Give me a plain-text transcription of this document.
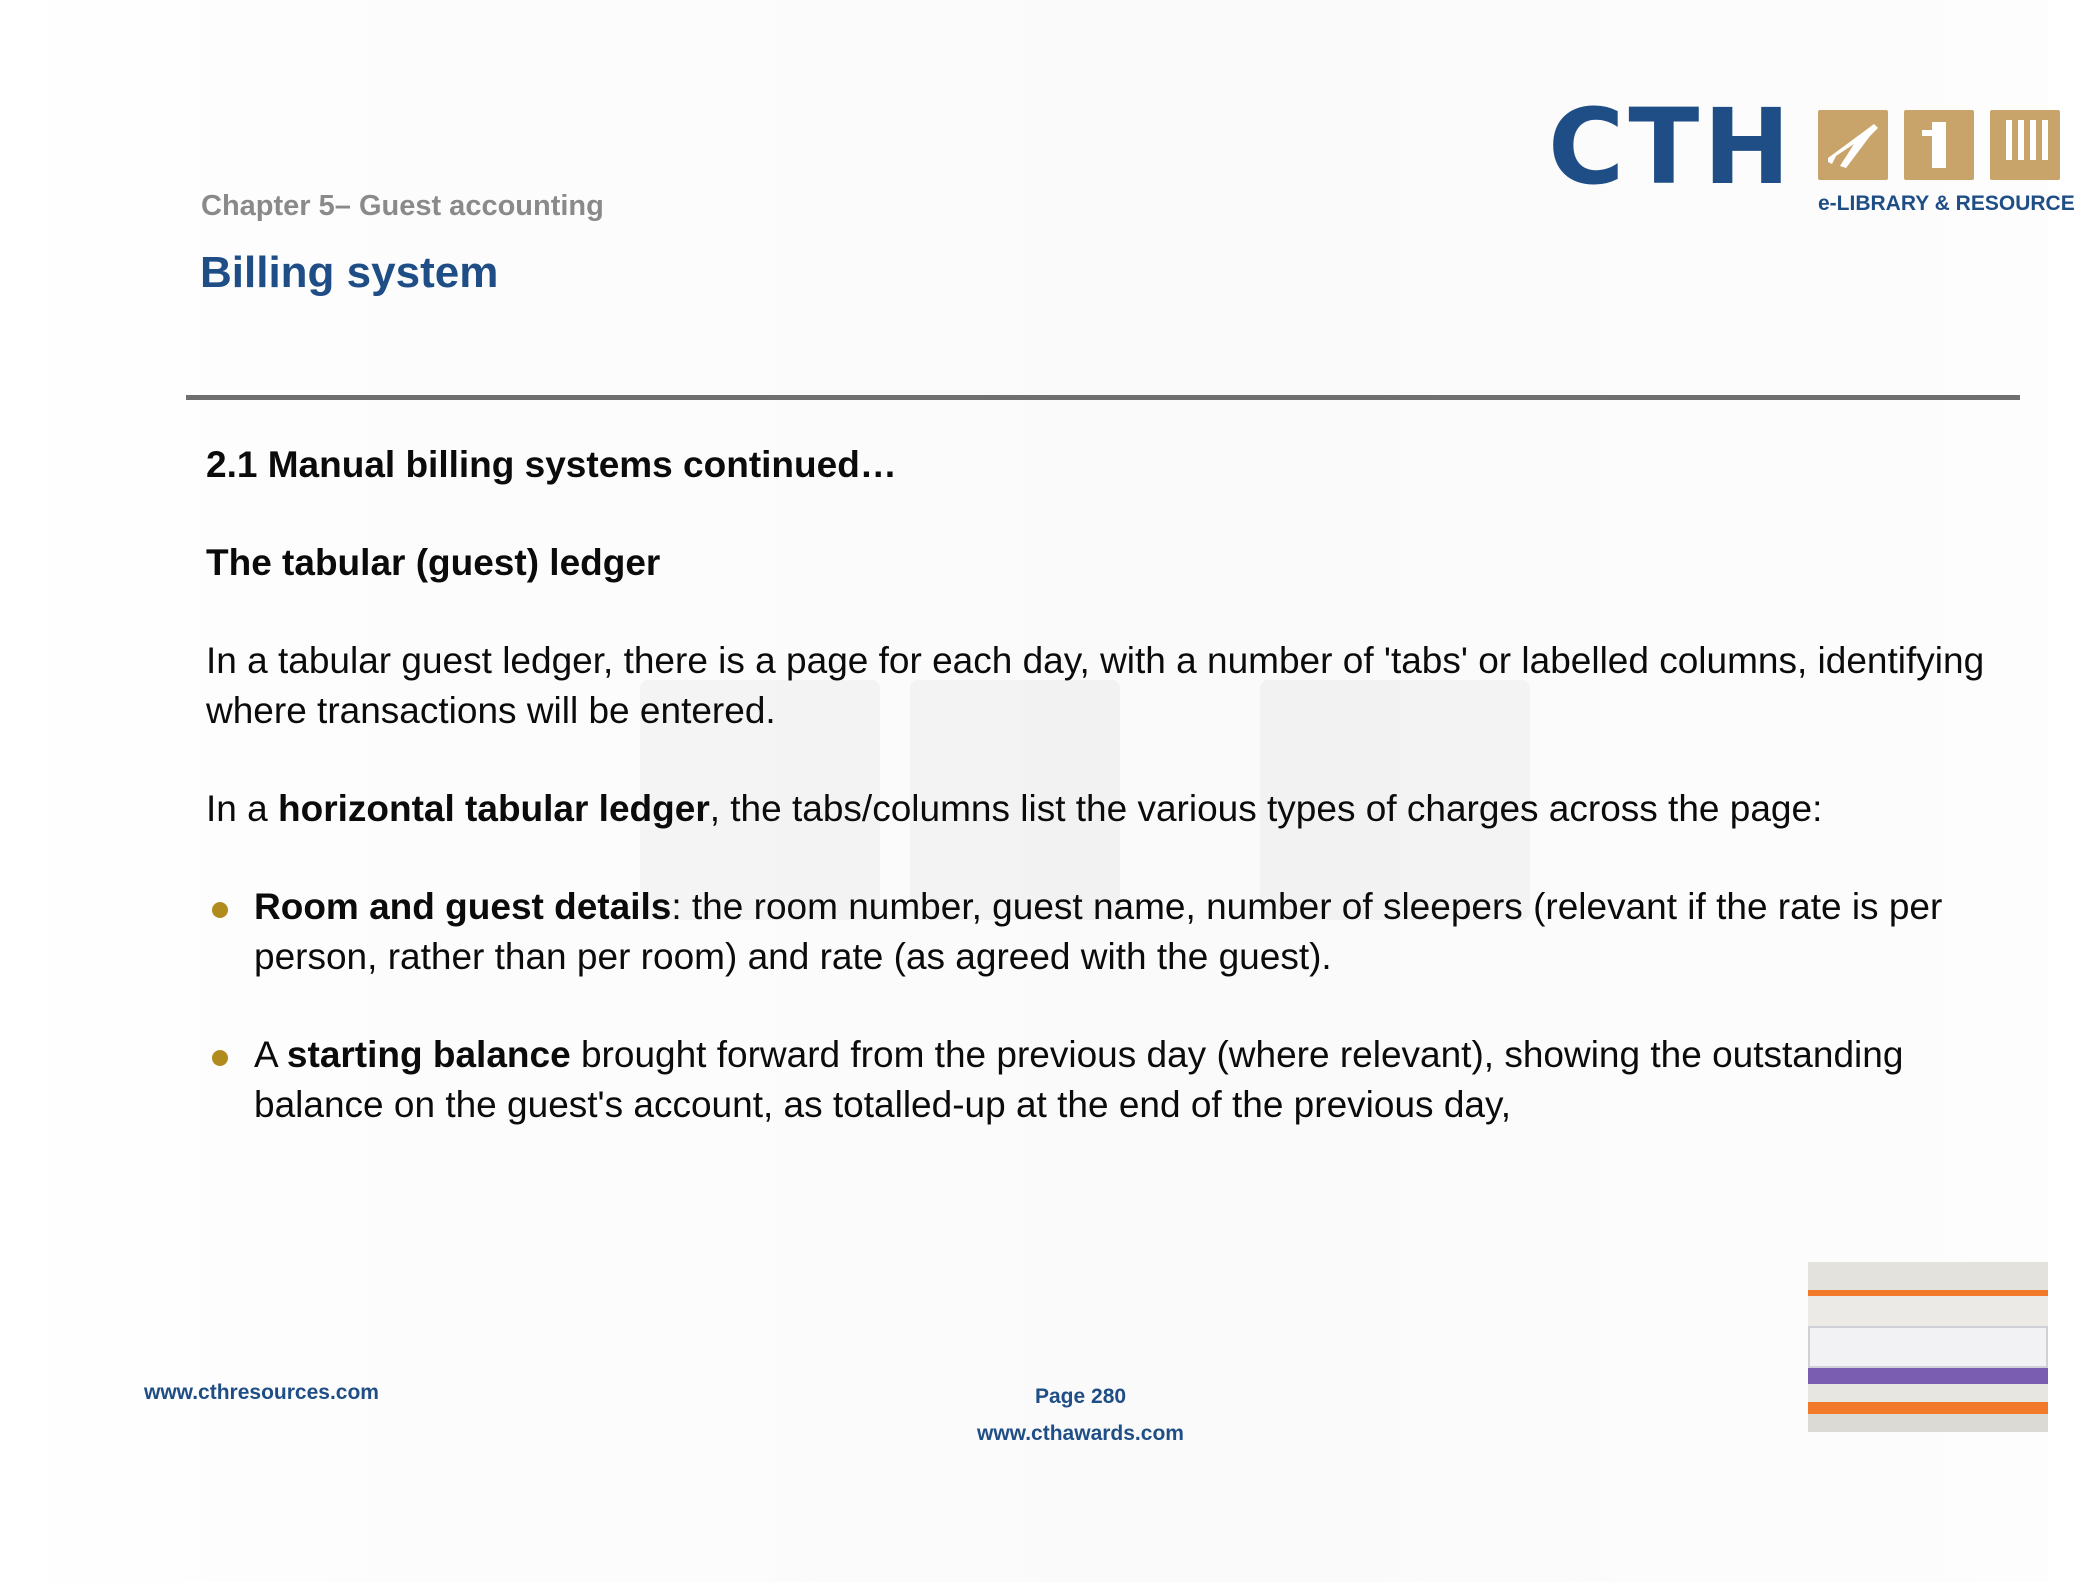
Chapter 5– Guest accounting
Billing system
CTH e-LIBRARY & RESOURCE

2.1 Manual billing systems continued…

The tabular (guest) ledger

In a tabular guest ledger, there is a page for each day, with a number of 'tabs' or labelled columns, identifying where transactions will be entered.

In a horizontal tabular ledger, the tabs/columns list the various types of charges across the page:

Room and guest details: the room number, guest name, number of sleepers (relevant if the rate is per person, rather than per room) and rate (as agreed with the guest).

A starting balance brought forward from the previous day (where relevant), showing the outstanding balance on the guest's account, as totalled-up at the end of the previous day,

www.cthresources.com	Page 280
www.cthawards.com
